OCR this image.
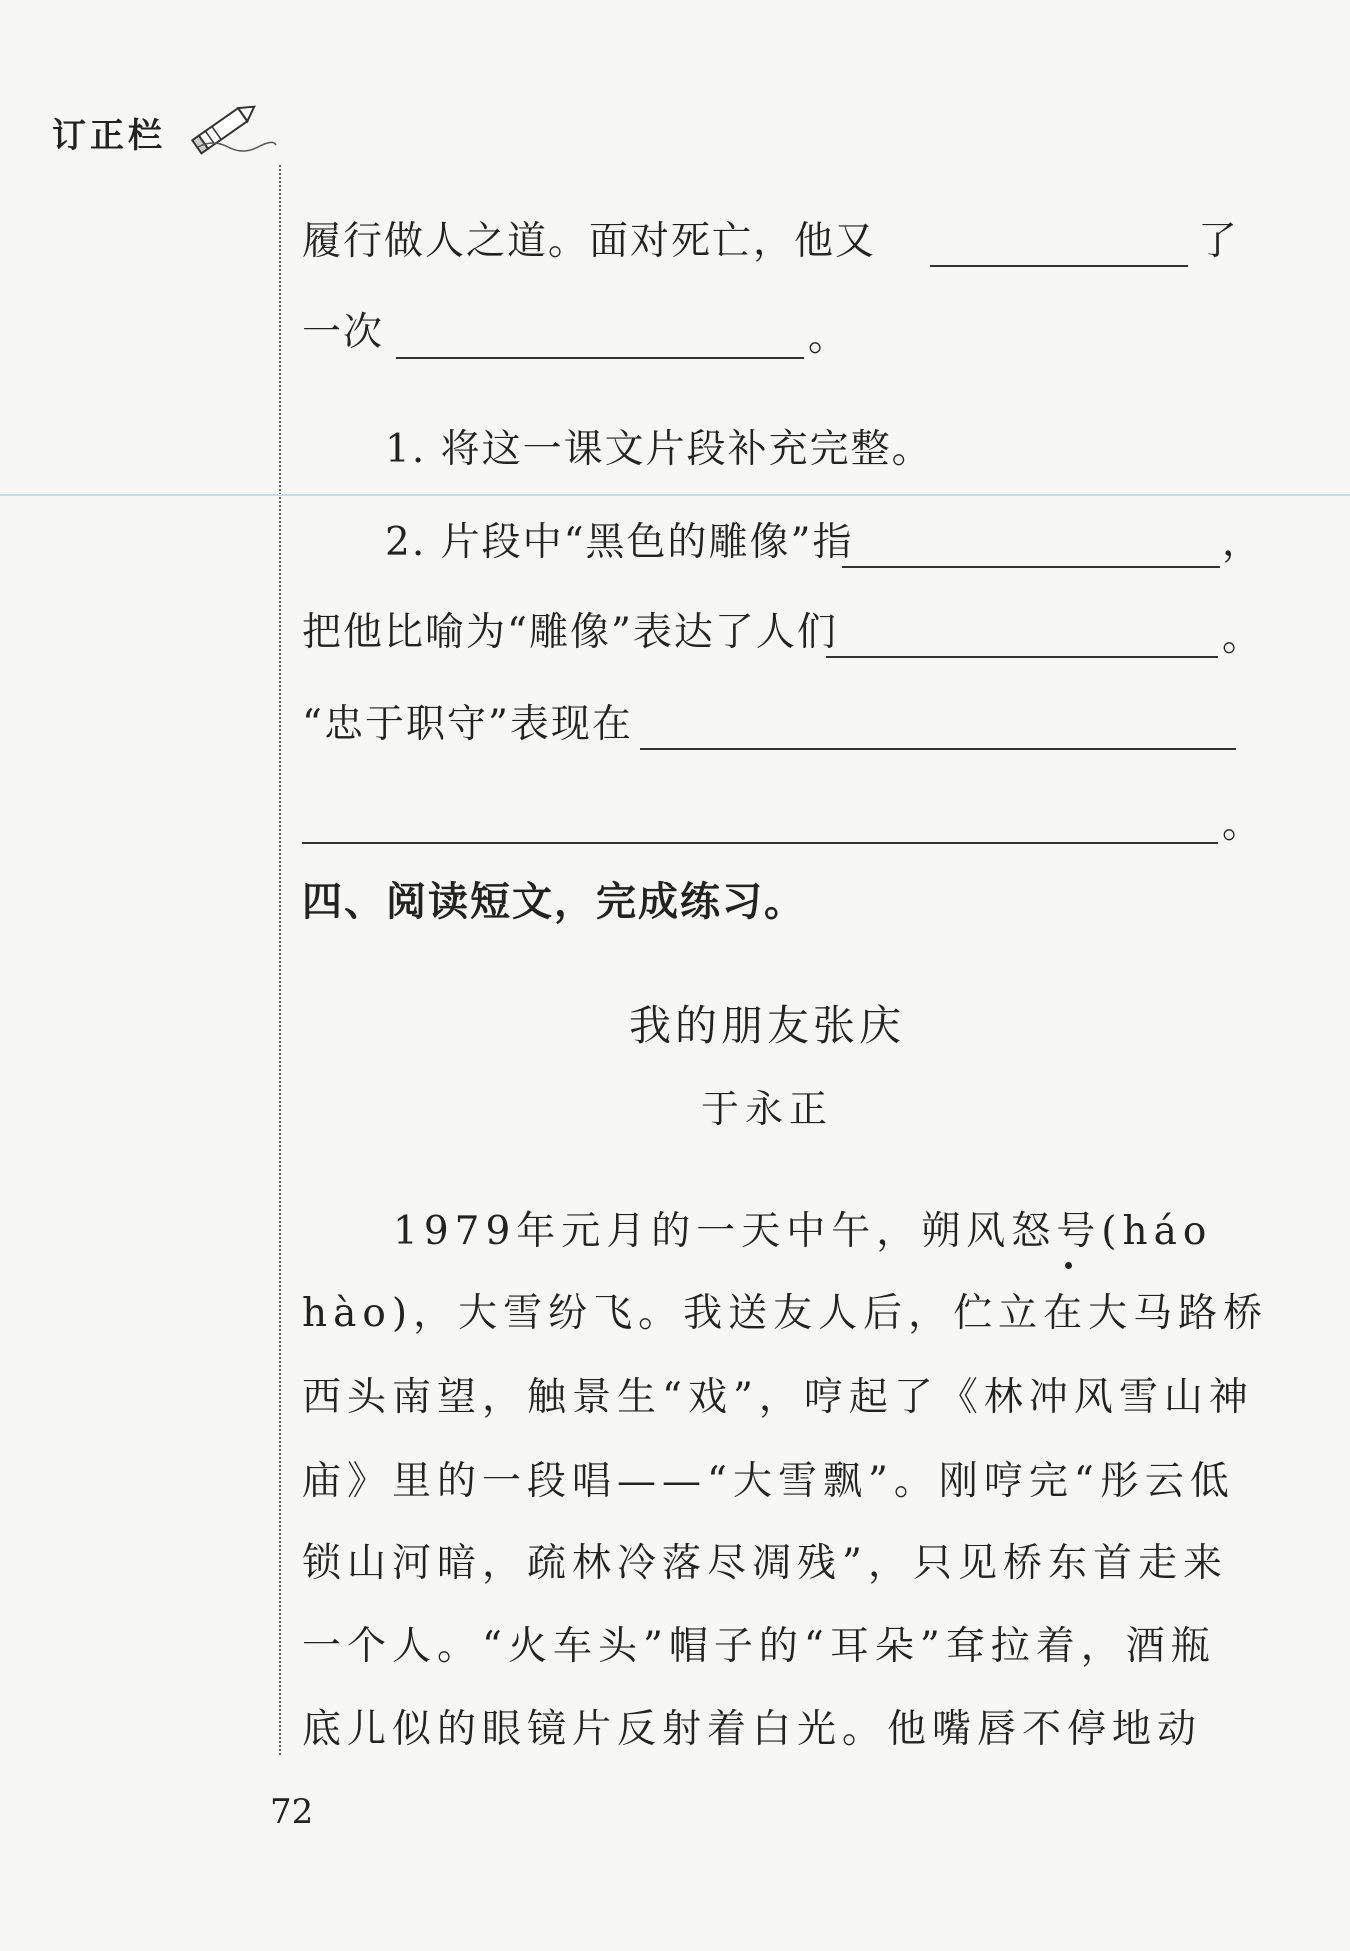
订正栏
履行做人之道。面对死亡，他又	了
一次	。
1. 将这一课文片段补充完整。
2. 片段中“黑色的雕像”指	，
把他比喻为“雕像”表达了人们	。
“忠于职守”表现在
。
四、阅读短文，完成练习。
我的朋友张庆
于永正
1979年元月的一天中午，朔风怒号(háo
hào)，大雪纷飞。我送友人后，伫立在大马路桥
西头南望，触景生“戏”，哼起了《林冲风雪山神
庙》里的一段唱——“大雪飘”。刚哼完“彤云低
锁山河暗，疏林冷落尽凋残”，只见桥东首走来
一个人。“火车头”帽子的“耳朵”耷拉着，酒瓶
底儿似的眼镜片反射着白光。他嘴唇不停地动
72
